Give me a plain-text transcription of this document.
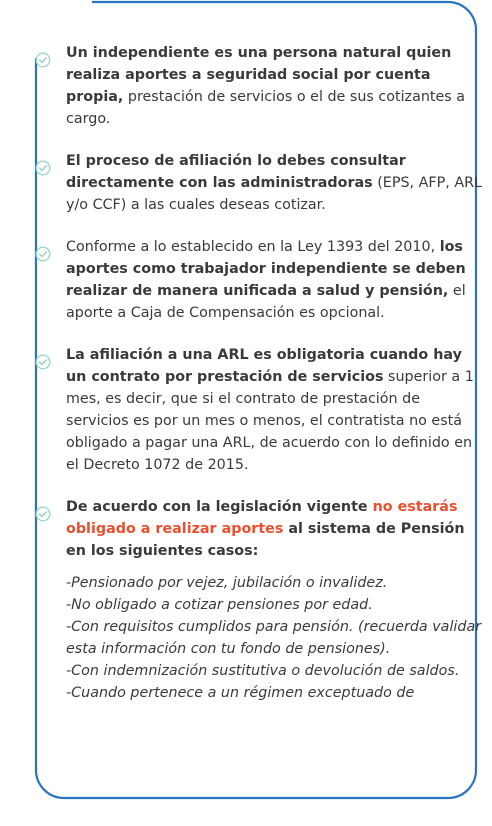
Un independiente es una persona natural quien realiza aportes a seguridad social por cuenta propia, prestación de servicios o el de sus cotizantes a cargo.

El proceso de afiliación lo debes consultar directamente con las administradoras (EPS, AFP, ARL y/o CCF) a las cuales deseas cotizar.

Conforme a lo establecido en la Ley 1393 del 2010, los aportes como trabajador independiente se deben realizar de manera unificada a salud y pensión, el aporte a Caja de Compensación es opcional.

La afiliación a una ARL es obligatoria cuando hay un contrato por prestación de servicios superior a 1 mes, es decir, que si el contrato de prestación de servicios es por un mes o menos, el contratista no está obligado a pagar una ARL, de acuerdo con lo definido en el Decreto 1072 de 2015.

De acuerdo con la legislación vigente no estarás obligado a realizar aportes al sistema de Pensión en los siguientes casos:

-Pensionado por vejez, jubilación o invalidez.
-No obligado a cotizar pensiones por edad.
-Con requisitos cumplidos para pensión. (recuerda validar esta información con tu fondo de pensiones).
-Con indemnización sustitutiva o devolución de saldos.
-Cuando pertenece a un régimen exceptuado de
